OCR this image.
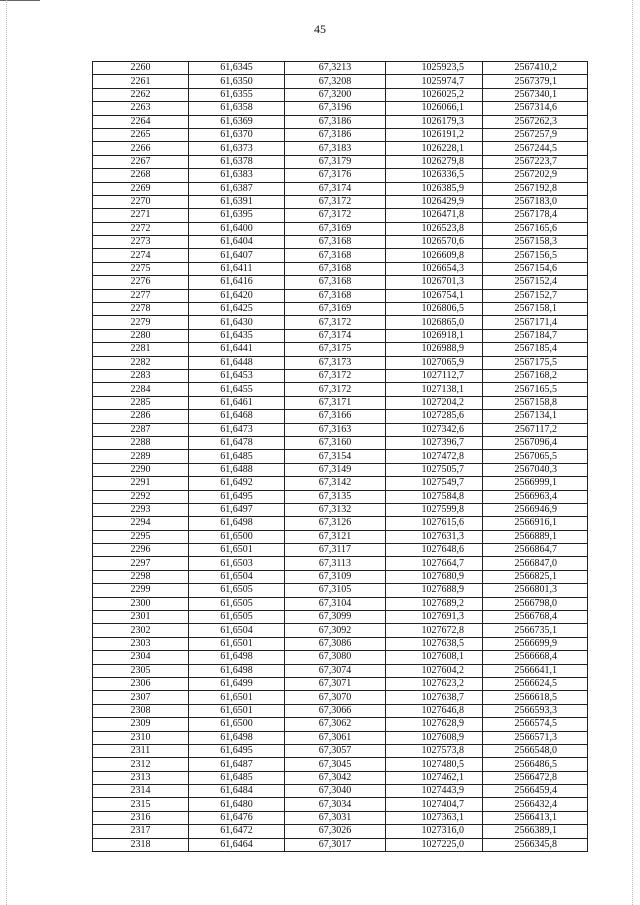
45
2260	61,6345	67,3213	1025923,5	2567410,2
2261	61,6350	67,3208	1025974,7	2567379,1
2262	61,6355	67,3200	1026025,2	2567340,1
2263	61,6358	67,3196	1026066,1	2567314,6
2264	61,6369	67,3186	1026179,3	2567262,3
2265	61,6370	67,3186	1026191,2	2567257,9
2266	61,6373	67,3183	1026228,1	2567244,5
2267	61,6378	67,3179	1026279,8	2567223,7
2268	61,6383	67,3176	1026336,5	2567202,9
2269	61,6387	67,3174	1026385,9	2567192,8
2270	61,6391	67,3172	1026429,9	2567183,0
2271	61,6395	67,3172	1026471,8	2567178,4
2272	61,6400	67,3169	1026523,8	2567165,6
2273	61,6404	67,3168	1026570,6	2567158,3
2274	61,6407	67,3168	1026609,8	2567156,5
2275	61,6411	67,3168	1026654,3	2567154,6
2276	61,6416	67,3168	1026701,3	2567152,4
2277	61,6420	67,3168	1026754,1	2567152,7
2278	61,6425	67,3169	1026806,5	2567158,1
2279	61,6430	67,3172	1026865,0	2567171,4
2280	61,6435	67,3174	1026918,1	2567184,7
2281	61,6441	67,3175	1026988,9	2567185,4
2282	61,6448	67,3173	1027065,9	2567175,5
2283	61,6453	67,3172	1027112,7	2567168,2
2284	61,6455	67,3172	1027138,1	2567165,5
2285	61,6461	67,3171	1027204,2	2567158,8
2286	61,6468	67,3166	1027285,6	2567134,1
2287	61,6473	67,3163	1027342,6	2567117,2
2288	61,6478	67,3160	1027396,7	2567096,4
2289	61,6485	67,3154	1027472,8	2567065,5
2290	61,6488	67,3149	1027505,7	2567040,3
2291	61,6492	67,3142	1027549,7	2566999,1
2292	61,6495	67,3135	1027584,8	2566963,4
2293	61,6497	67,3132	1027599,8	2566946,9
2294	61,6498	67,3126	1027615,6	2566916,1
2295	61,6500	67,3121	1027631,3	2566889,1
2296	61,6501	67,3117	1027648,6	2566864,7
2297	61,6503	67,3113	1027664,7	2566847,0
2298	61,6504	67,3109	1027680,9	2566825,1
2299	61,6505	67,3105	1027688,9	2566801,3
2300	61,6505	67,3104	1027689,2	2566798,0
2301	61,6505	67,3099	1027691,3	2566768,4
2302	61,6504	67,3092	1027672,8	2566735,1
2303	61,6501	67,3086	1027638,5	2566699,9
2304	61,6498	67,3080	1027608,1	2566668,4
2305	61,6498	67,3074	1027604,2	2566641,1
2306	61,6499	67,3071	1027623,2	2566624,5
2307	61,6501	67,3070	1027638,7	2566618,5
2308	61,6501	67,3066	1027646,8	2566593,3
2309	61,6500	67,3062	1027628,9	2566574,5
2310	61,6498	67,3061	1027608,9	2566571,3
2311	61,6495	67,3057	1027573,8	2566548,0
2312	61,6487	67,3045	1027480,5	2566486,5
2313	61,6485	67,3042	1027462,1	2566472,8
2314	61,6484	67,3040	1027443,9	2566459,4
2315	61,6480	67,3034	1027404,7	2566432,4
2316	61,6476	67,3031	1027363,1	2566413,1
2317	61,6472	67,3026	1027316,0	2566389,1
2318	61,6464	67,3017	1027225,0	2566345,8
